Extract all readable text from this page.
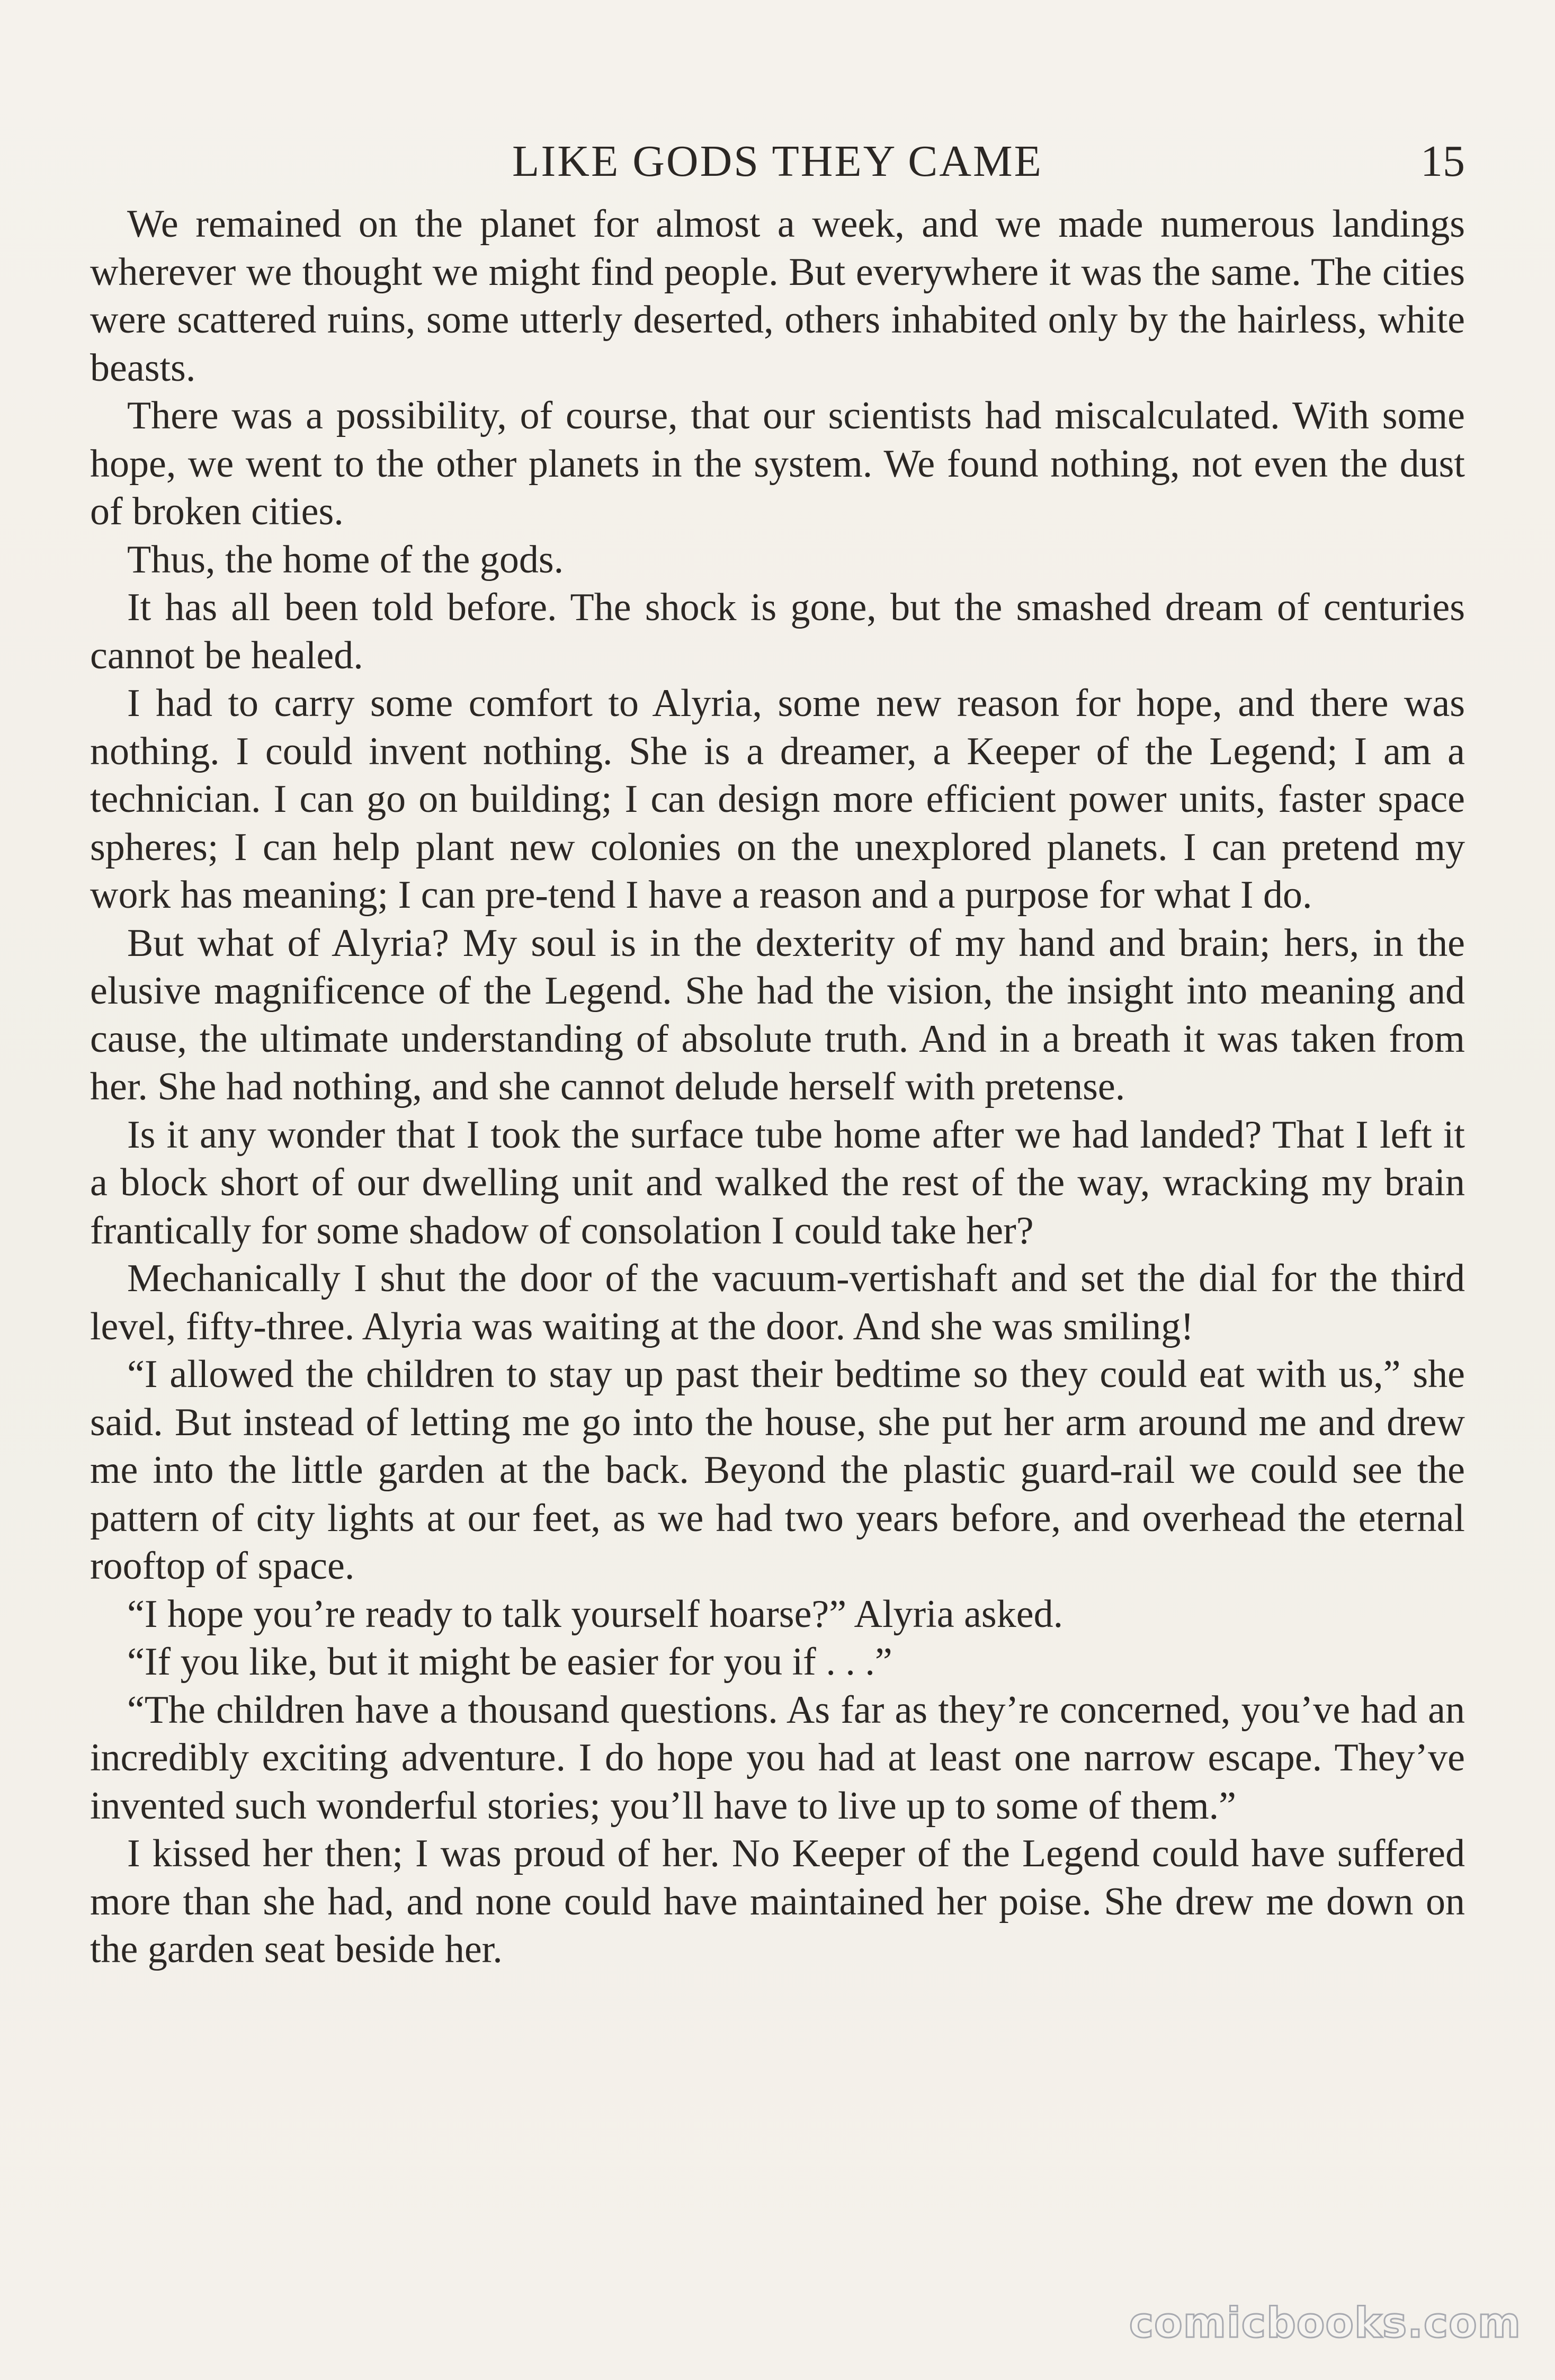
LIKE GODS THEY CAME	15

We remained on the planet for almost a week, and we made numerous landings wherever we thought we might find people. But everywhere it was the same. The cities were scattered ruins, some utterly deserted, others inhabited only by the hairless, white beasts.

There was a possibility, of course, that our scientists had miscalculated. With some hope, we went to the other planets in the system. We found nothing, not even the dust of broken cities.

Thus, the home of the gods.

It has all been told before. The shock is gone, but the smashed dream of centuries cannot be healed.

I had to carry some comfort to Alyria, some new reason for hope, and there was nothing. I could invent nothing. She is a dreamer, a Keeper of the Legend; I am a technician. I can go on building; I can design more efficient power units, faster space spheres; I can help plant new colonies on the unexplored planets. I can pretend my work has meaning; I can pre-tend I have a reason and a purpose for what I do.

But what of Alyria? My soul is in the dexterity of my hand and brain; hers, in the elusive magnificence of the Legend. She had the vision, the insight into meaning and cause, the ultimate understanding of absolute truth. And in a breath it was taken from her. She had nothing, and she cannot delude herself with pretense.

Is it any wonder that I took the surface tube home after we had landed? That I left it a block short of our dwelling unit and walked the rest of the way, wracking my brain frantically for some shadow of consolation I could take her?

Mechanically I shut the door of the vacuum-vertishaft and set the dial for the third level, fifty-three. Alyria was waiting at the door. And she was smiling!

“I allowed the children to stay up past their bedtime so they could eat with us,” she said. But instead of letting me go into the house, she put her arm around me and drew me into the little garden at the back. Beyond the plastic guard-rail we could see the pattern of city lights at our feet, as we had two years before, and overhead the eternal rooftop of space.

“I hope you’re ready to talk yourself hoarse?” Alyria asked.

“If you like, but it might be easier for you if . . .”

“The children have a thousand questions. As far as they’re concerned, you’ve had an incredibly exciting adventure. I do hope you had at least one narrow escape. They’ve invented such wonderful stories; you’ll have to live up to some of them.”

I kissed her then; I was proud of her. No Keeper of the Legend could have suffered more than she had, and none could have maintained her poise. She drew me down on the garden seat beside her.

comicbooks.com
